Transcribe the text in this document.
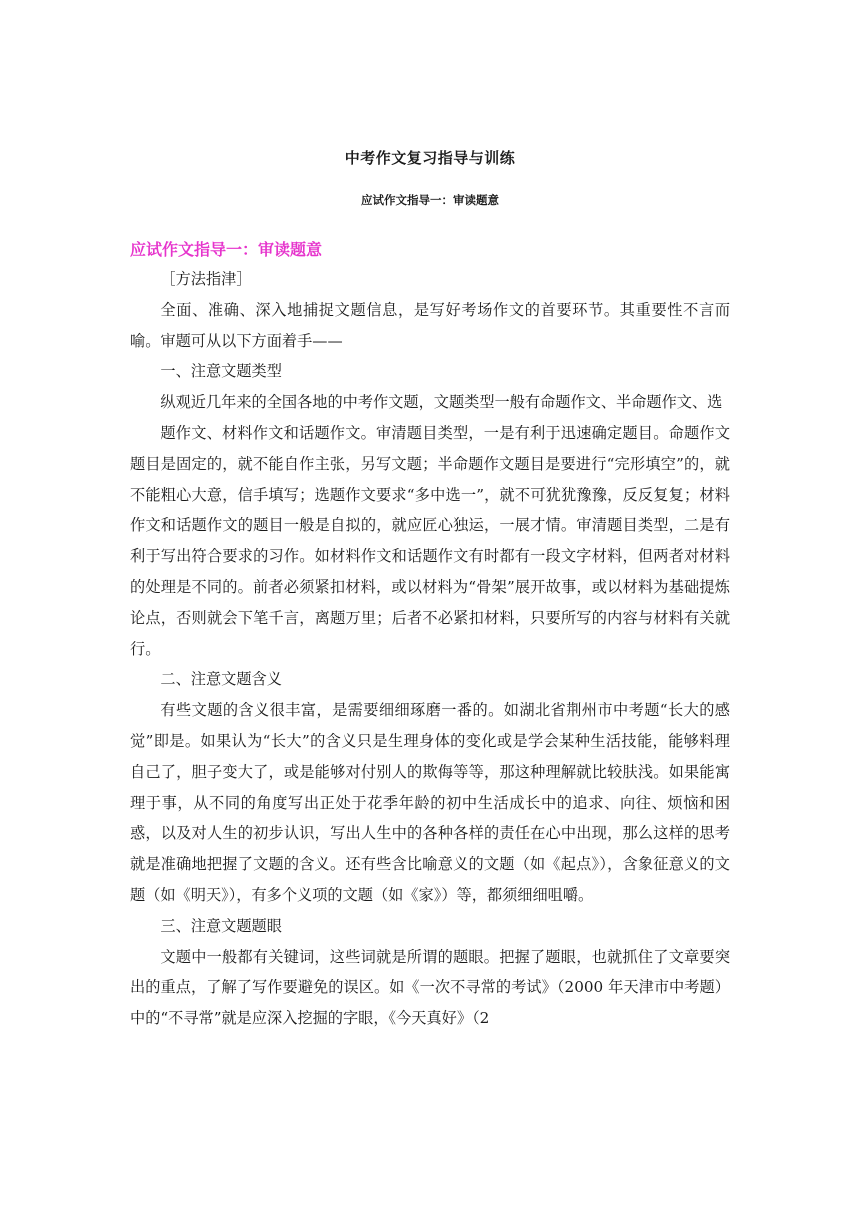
中考作文复习指导与训练
应试作文指导一：审读题意
应试作文指导一：审读题意

［方法指津］

全面、准确、深入地捕捉文题信息，是写好考场作文的首要环节。其重要性不言而喻。审题可从以下方面着手——

一、注意文题类型

纵观近几年来的全国各地的中考作文题，文题类型一般有命题作文、半命题作文、选

题作文、材料作文和话题作文。审清题目类型，一是有利于迅速确定题目。命题作文题目是固定的，就不能自作主张，另写文题；半命题作文题目是要进行“完形填空”的，就不能粗心大意，信手填写；选题作文要求“多中选一”，就不可犹犹豫豫，反反复复；材料作文和话题作文的题目一般是自拟的，就应匠心独运，一展才情。审清题目类型，二是有利于写出符合要求的习作。如材料作文和话题作文有时都有一段文字材料，但两者对材料的处理是不同的。前者必须紧扣材料，或以材料为“骨架”展开故事，或以材料为基础提炼论点，否则就会下笔千言，离题万里；后者不必紧扣材料，只要所写的内容与材料有关就行。

二、注意文题含义

有些文题的含义很丰富，是需要细细琢磨一番的。如湖北省荆州市中考题“长大的感觉”即是。如果认为“长大”的含义只是生理身体的变化或是学会某种生活技能，能够料理自己了，胆子变大了，或是能够对付别人的欺侮等等，那这种理解就比较肤浅。如果能寓理于事，从不同的角度写出正处于花季年龄的初中生活成长中的追求、向往、烦恼和困惑，以及对人生的初步认识，写出人生中的各种各样的责任在心中出现，那么这样的思考就是准确地把握了文题的含义。还有些含比喻意义的文题（如《起点》），含象征意义的文题（如《明天》），有多个义项的文题（如《家》）等，都须细细咀嚼。

三、注意文题题眼

文题中一般都有关键词，这些词就是所谓的题眼。把握了题眼，也就抓住了文章要突出的重点，了解了写作要避免的误区。如《一次不寻常的考试》（2000 年天津市中考题）中的“不寻常”就是应深入挖掘的字眼，《今天真好》（2
